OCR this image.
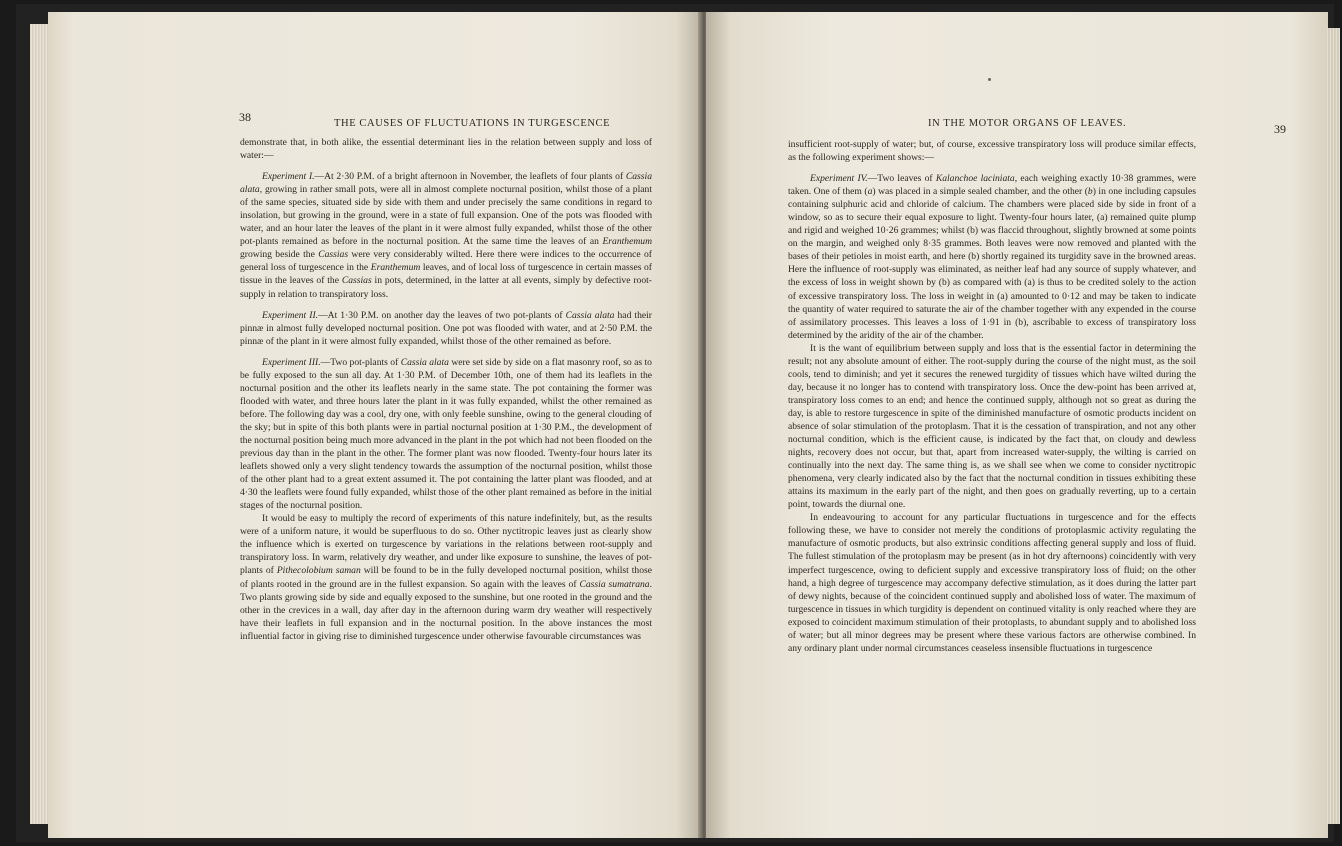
38	THE CAUSES OF FLUCTUATIONS IN TURGESCENCE

demonstrate that, in both alike, the essential determinant lies in the relation between supply and loss of water:—

Experiment I.—At 2·30 P.M. of a bright afternoon in November, the leaflets of four plants of Cassia alata, growing in rather small pots, were all in almost complete nocturnal position, whilst those of a plant of the same species, situated side by side with them and under precisely the same conditions in regard to insolation, but growing in the ground, were in a state of full expansion. One of the pots was flooded with water, and an hour later the leaves of the plant in it were almost fully expanded, whilst those of the other pot-plants remained as before in the nocturnal position. At the same time the leaves of an Eranthemum growing beside the Cassias were very considerably wilted. Here there were indices to the occurrence of general loss of turgescence in the Eranthemum leaves, and of local loss of turgescence in certain masses of tissue in the leaves of the Cassias in pots, determined, in the latter at all events, simply by defective root-supply in relation to transpiratory loss.

Experiment II.—At 1·30 P.M. on another day the leaves of two pot-plants of Cassia alata had their pinnæ in almost fully developed nocturnal position. One pot was flooded with water, and at 2·50 P.M. the pinnæ of the plant in it were almost fully expanded, whilst those of the other remained as before.

Experiment III.—Two pot-plants of Cassia alata were set side by side on a flat masonry roof, so as to be fully exposed to the sun all day. At 1·30 P.M. of December 10th, one of them had its leaflets in the nocturnal position and the other its leaflets nearly in the same state. The pot containing the former was flooded with water, and three hours later the plant in it was fully expanded, whilst the other remained as before. The following day was a cool, dry one, with only feeble sunshine, owing to the general clouding of the sky; but in spite of this both plants were in partial nocturnal position at 1·30 P.M., the development of the nocturnal position being much more advanced in the plant in the pot which had not been flooded on the previous day than in the plant in the other. The former plant was now flooded. Twenty-four hours later its leaflets showed only a very slight tendency towards the assumption of the nocturnal position, whilst those of the other plant had to a great extent assumed it. The pot containing the latter plant was flooded, and at 4·30 the leaflets were found fully expanded, whilst those of the other plant remained as before in the initial stages of the nocturnal position.

It would be easy to multiply the record of experiments of this nature indefinitely, but, as the results were of a uniform nature, it would be superfluous to do so. Other nyctitropic leaves just as clearly show the influence which is exerted on turgescence by variations in the relations between root-supply and transpiratory loss. In warm, relatively dry weather, and under like exposure to sunshine, the leaves of pot-plants of Pithecolobium saman will be found to be in the fully developed nocturnal position, whilst those of plants rooted in the ground are in the fullest expansion. So again with the leaves of Cassia sumatrana. Two plants growing side by side and equally exposed to the sunshine, but one rooted in the ground and the other in the crevices in a wall, day after day in the afternoon during warm dry weather will respectively have their leaflets in full expansion and in the nocturnal position. In the above instances the most influential factor in giving rise to diminished turgescence under otherwise favourable circumstances was

IN THE MOTOR ORGANS OF LEAVES.	39

insufficient root-supply of water; but, of course, excessive transpiratory loss will produce similar effects, as the following experiment shows:—

Experiment IV.—Two leaves of Kalanchoe laciniata, each weighing exactly 10·38 grammes, were taken. One of them (a) was placed in a simple sealed chamber, and the other (b) in one including capsules containing sulphuric acid and chloride of calcium. The chambers were placed side by side in front of a window, so as to secure their equal exposure to light. Twenty-four hours later, (a) remained quite plump and rigid and weighed 10·26 grammes; whilst (b) was flaccid throughout, slightly browned at some points on the margin, and weighed only 8·35 grammes. Both leaves were now removed and planted with the bases of their petioles in moist earth, and here (b) shortly regained its turgidity save in the browned areas. Here the influence of root-supply was eliminated, as neither leaf had any source of supply whatever, and the excess of loss in weight shown by (b) as compared with (a) is thus to be credited solely to the action of excessive transpiratory loss. The loss in weight in (a) amounted to 0·12 and may be taken to indicate the quantity of water required to saturate the air of the chamber together with any expended in the course of assimilatory processes. This leaves a loss of 1·91 in (b), ascribable to excess of transpiratory loss determined by the aridity of the air of the chamber.

It is the want of equilibrium between supply and loss that is the essential factor in determining the result; not any absolute amount of either. The root-supply during the course of the night must, as the soil cools, tend to diminish; and yet it secures the renewed turgidity of tissues which have wilted during the day, because it no longer has to contend with transpiratory loss. Once the dew-point has been arrived at, transpiratory loss comes to an end; and hence the continued supply, although not so great as during the day, is able to restore turgescence in spite of the diminished manufacture of osmotic products incident on absence of solar stimulation of the protoplasm. That it is the cessation of transpiration, and not any other nocturnal condition, which is the efficient cause, is indicated by the fact that, on cloudy and dewless nights, recovery does not occur, but that, apart from increased water-supply, the wilting is carried on continually into the next day. The same thing is, as we shall see when we come to consider nyctitropic phenomena, very clearly indicated also by the fact that the nocturnal condition in tissues exhibiting these attains its maximum in the early part of the night, and then goes on gradually reverting, up to a certain point, towards the diurnal one.

In endeavouring to account for any particular fluctuations in turgescence and for the effects following these, we have to consider not merely the conditions of protoplasmic activity regulating the manufacture of osmotic products, but also extrinsic conditions affecting general supply and loss of fluid. The fullest stimulation of the protoplasm may be present (as in hot dry afternoons) coincidently with very imperfect turgescence, owing to deficient supply and excessive transpiratory loss of fluid; on the other hand, a high degree of turgescence may accompany defective stimulation, as it does during the latter part of dewy nights, because of the coincident continued supply and abolished loss of water. The maximum of turgescence in tissues in which turgidity is dependent on continued vitality is only reached where they are exposed to coincident maximum stimulation of their protoplasts, to abundant supply and to abolished loss of water; but all minor degrees may be present where these various factors are otherwise combined. In any ordinary plant under normal circumstances ceaseless insensible fluctuations in turgescence
